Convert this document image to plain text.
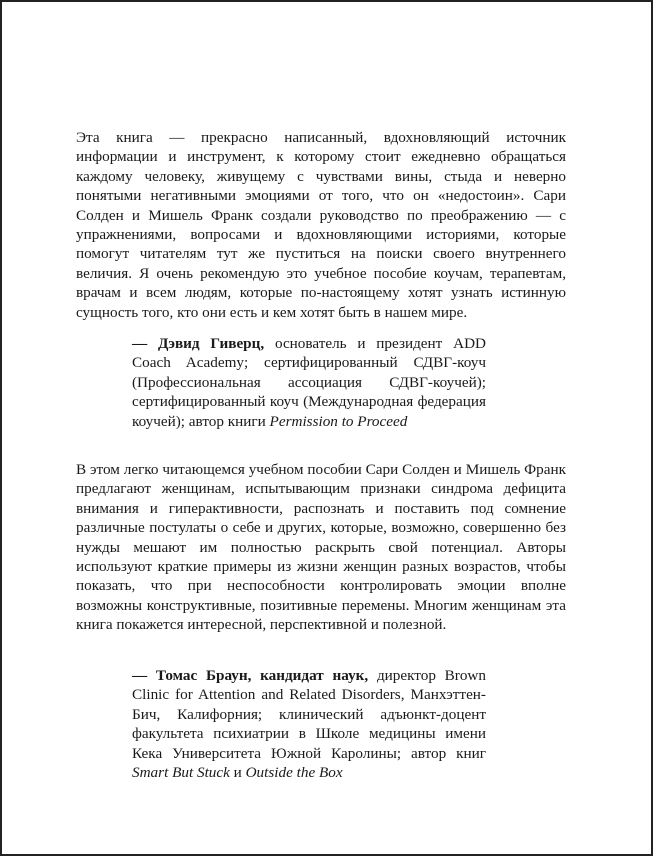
Эта книга — прекрасно написанный, вдохновляющий источник информации и инструмент, к которому стоит ежедневно обращаться каждому человеку, живущему с чувствами вины, стыда и неверно понятыми негативными эмоциями от того, что он «недостоин». Сари Солден и Мишель Франк создали руководство по преображению — с упражнениями, вопросами и вдохновляющими историями, которые помогут читателям тут же пуститься на поиски своего внутреннего величия. Я очень рекомендую это учебное пособие коучам, терапевтам, врачам и всем людям, которые по-настоящему хотят узнать истинную сущность того, кто они есть и кем хотят быть в нашем мире.

— Дэвид Гиверц, основатель и президент ADD Coach Academy; сертифицированный СДВГ-коуч (Профессиональная ассоциация СДВГ-коучей); сертифицированный коуч (Международная федерация коучей); автор книги Permission to Proceed

В этом легко читающемся учебном пособии Сари Солден и Мишель Франк предлагают женщинам, испытывающим признаки синдрома дефицита внимания и гиперактивности, распознать и поставить под сомнение различные постулаты о себе и других, которые, возможно, совершенно без нужды мешают им полностью раскрыть свой потенциал. Авторы используют краткие примеры из жизни женщин разных возрастов, чтобы показать, что при неспособности контролировать эмоции вполне возможны конструктивные, позитивные перемены. Многим женщинам эта книга покажется интересной, перспективной и полезной.

— Томас Браун, кандидат наук, директор Brown Clinic for Attention and Related Disorders, Манхэттен-Бич, Калифорния; клинический адъюнкт-доцент факультета психиатрии в Школе медицины имени Кека Университета Южной Каролины; автор книг Smart But Stuck и Outside the Box
